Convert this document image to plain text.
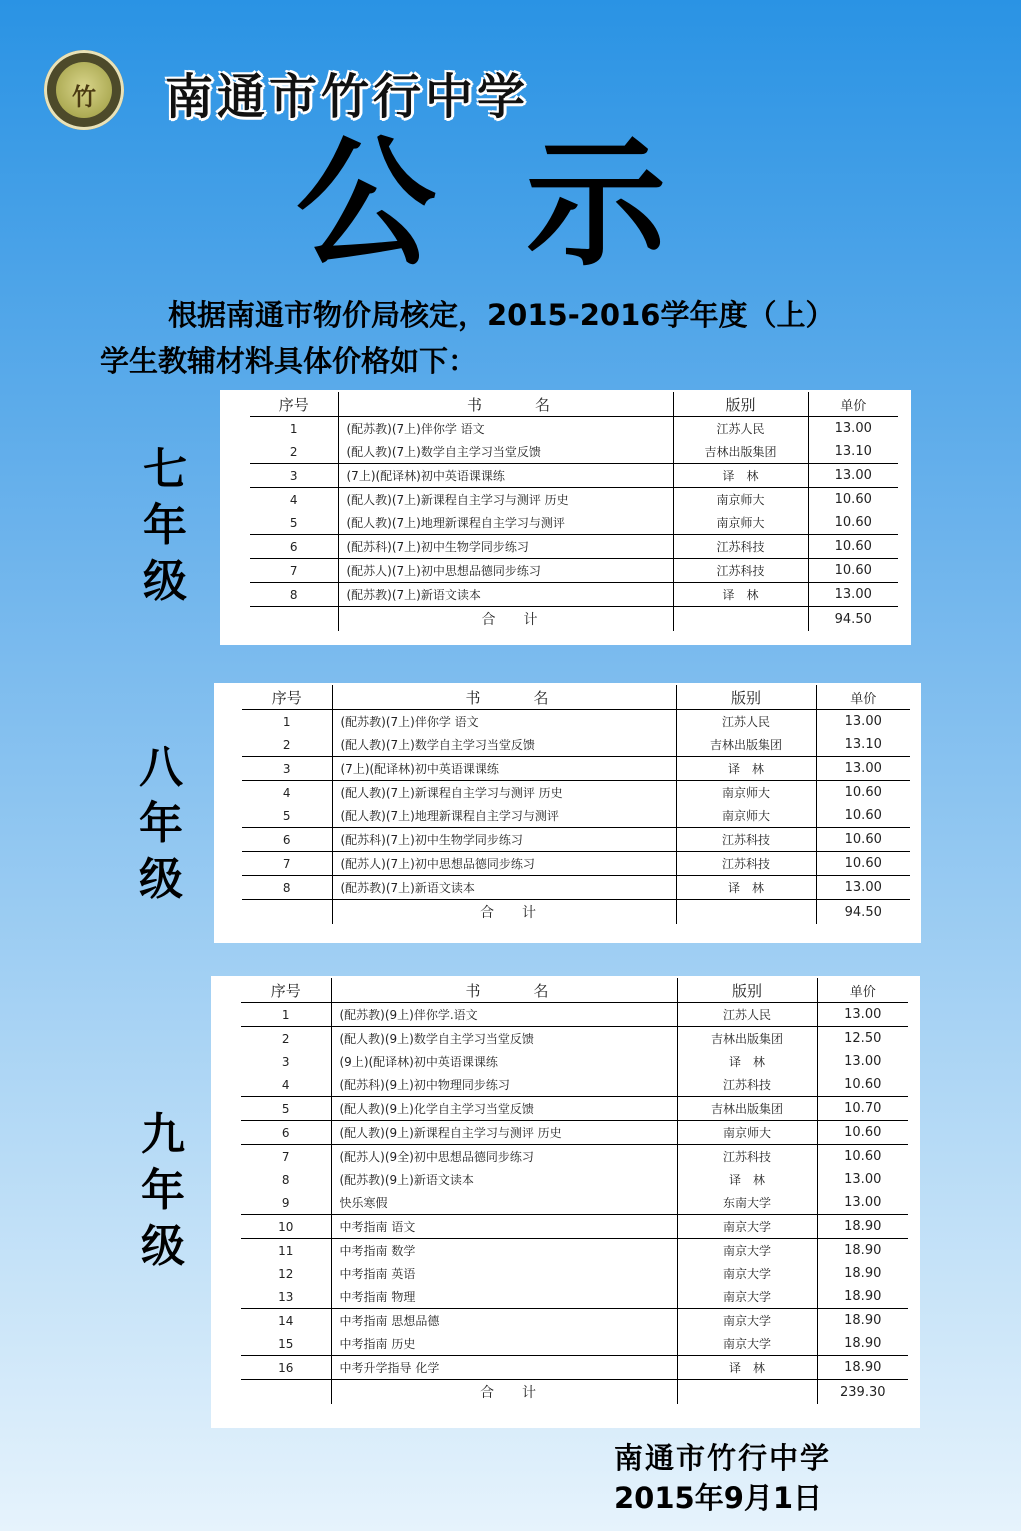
竹	南通市竹行中学
公示
根据南通市物价局核定，2015-2016学年度（上）
学生教辅材料具体价格如下：
七
年
级
八
年
级
九
年
级
序号	书　　　名	版别	单价
1	(配苏教)(7上)伴你学 语文	江苏人民	13.00
2	(配人教)(7上)数学自主学习当堂反馈	吉林出版集团	13.10
3	(7上)(配译林)初中英语课课练	译　林	13.00
4	(配人教)(7上)新课程自主学习与测评 历史	南京师大	10.60
5	(配人教)(7上)地理新课程自主学习与测评	南京师大	10.60
6	(配苏科)(7上)初中生物学同步练习	江苏科技	10.60
7	(配苏人)(7上)初中思想品德同步练习	江苏科技	10.60
8	(配苏教)(7上)新语文读本	译　林	13.00
	合　　计		94.50
序号	书　　　名	版别	单价
1	(配苏教)(7上)伴你学 语文	江苏人民	13.00
2	(配人教)(7上)数学自主学习当堂反馈	吉林出版集团	13.10
3	(7上)(配译林)初中英语课课练	译　林	13.00
4	(配人教)(7上)新课程自主学习与测评 历史	南京师大	10.60
5	(配人教)(7上)地理新课程自主学习与测评	南京师大	10.60
6	(配苏科)(7上)初中生物学同步练习	江苏科技	10.60
7	(配苏人)(7上)初中思想品德同步练习	江苏科技	10.60
8	(配苏教)(7上)新语文读本	译　林	13.00
	合　　计		94.50
序号	书　　　名	版别	单价
1	(配苏教)(9上)伴你学.语文	江苏人民	13.00
2	(配人教)(9上)数学自主学习当堂反馈	吉林出版集团	12.50
3	(9上)(配译林)初中英语课课练	译　林	13.00
4	(配苏科)(9上)初中物理同步练习	江苏科技	10.60
5	(配人教)(9上)化学自主学习当堂反馈	吉林出版集团	10.70
6	(配人教)(9上)新课程自主学习与测评 历史	南京师大	10.60
7	(配苏人)(9全)初中思想品德同步练习	江苏科技	10.60
8	(配苏教)(9上)新语文读本	译　林	13.00
9	快乐寒假	东南大学	13.00
10	中考指南 语文	南京大学	18.90
11	中考指南 数学	南京大学	18.90
12	中考指南 英语	南京大学	18.90
13	中考指南 物理	南京大学	18.90
14	中考指南 思想品德	南京大学	18.90
15	中考指南 历史	南京大学	18.90
16	中考升学指导 化学	译　林	18.90
	合　　计		239.30
南通市竹行中学
2015年9月1日
